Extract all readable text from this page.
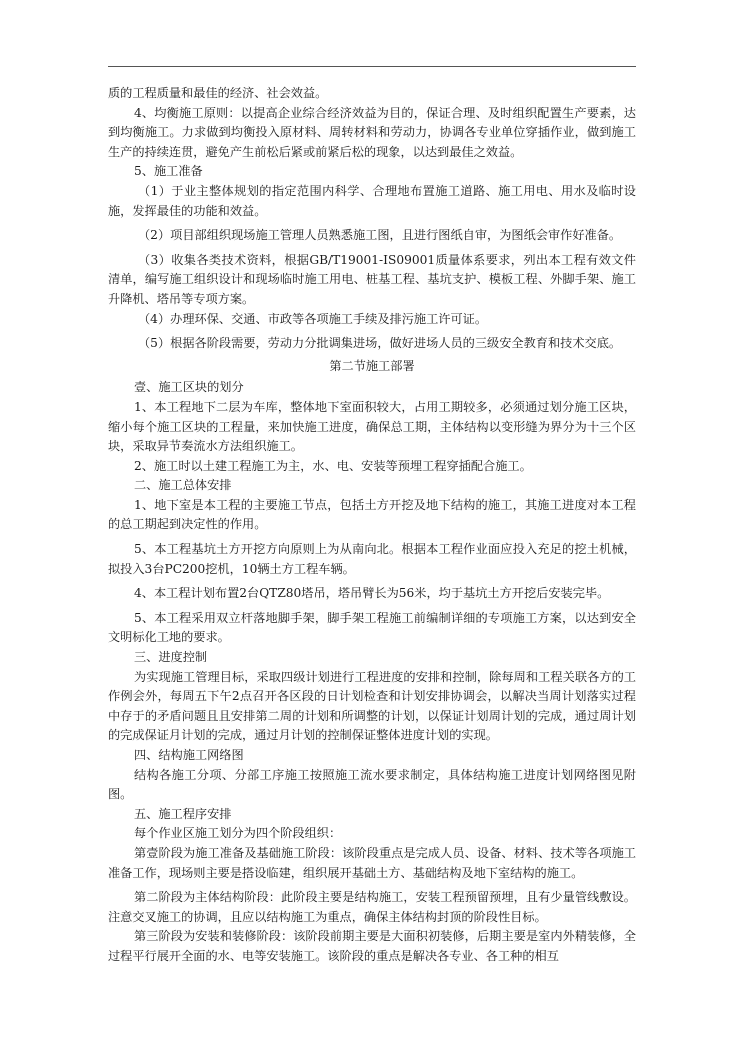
质的工程质量和最佳的经济、社会效益。

4、均衡施工原则：以提高企业综合经济效益为目的，保证合理、及时组织配置生产要素，达到均衡施工。力求做到均衡投入原材料、周转材料和劳动力，协调各专业单位穿插作业，做到施工生产的持续连贯，避免产生前松后紧或前紧后松的现象，以达到最佳之效益。

5、施工准备

（1）于业主整体规划的指定范围内科学、合理地布置施工道路、施工用电、用水及临时设施，发挥最佳的功能和效益。

（2）项目部组织现场施工管理人员熟悉施工图，且进行图纸自审，为图纸会审作好准备。

（3）收集各类技术资料，根据GB/T19001-IS09001质量体系要求，列出本工程有效文件清单，编写施工组织设计和现场临时施工用电、桩基工程、基坑支护、模板工程、外脚手架、施工升降机、塔吊等专项方案。

（4）办理环保、交通、市政等各项施工手续及排污施工许可证。

（5）根据各阶段需要，劳动力分批调集进场，做好进场人员的三级安全教育和技术交底。

第二节施工部署

壹、施工区块的划分

1、本工程地下二层为车库，整体地下室面积较大，占用工期较多，必须通过划分施工区块，缩小每个施工区块的工程量，来加快施工进度，确保总工期，主体结构以变形缝为界分为十三个区块，采取异节奏流水方法组织施工。

2、施工时以土建工程施工为主，水、电、安装等预埋工程穿插配合施工。

二、施工总体安排

1、地下室是本工程的主要施工节点，包括土方开挖及地下结构的施工，其施工进度对本工程的总工期起到决定性的作用。

5、本工程基坑土方开挖方向原则上为从南向北。根据本工程作业面应投入充足的挖土机械，拟投入3台PC200挖机，10辆土方工程车辆。

4、本工程计划布置2台QTZ80塔吊，塔吊臂长为56米，均于基坑土方开挖后安装完毕。

5、本工程采用双立杆落地脚手架，脚手架工程施工前编制详细的专项施工方案，以达到安全文明标化工地的要求。

三、进度控制

为实现施工管理目标，采取四级计划进行工程进度的安排和控制，除每周和工程关联各方的工作例会外，每周五下午2点召开各区段的日计划检查和计划安排协调会，以解决当周计划落实过程中存于的矛盾问题且且安排第二周的计划和所调整的计划，以保证计划周计划的完成，通过周计划的完成保证月计划的完成，通过月计划的控制保证整体进度计划的实现。

四、结构施工网络图

结构各施工分项、分部工序施工按照施工流水要求制定，具体结构施工进度计划网络图见附图。

五、施工程序安排

每个作业区施工划分为四个阶段组织：

第壹阶段为施工准备及基础施工阶段：该阶段重点是完成人员、设备、材料、技术等各项施工准备工作，现场则主要是搭设临建，组织展开基础土方、基础结构及地下室结构的施工。

第二阶段为主体结构阶段：此阶段主要是结构施工，安装工程预留预埋，且有少量管线敷设。注意交叉施工的协调，且应以结构施工为重点，确保主体结构封顶的阶段性目标。

第三阶段为安装和装修阶段：该阶段前期主要是大面积初装修，后期主要是室内外精装修，全过程平行展开全面的水、电等安装施工。该阶段的重点是解决各专业、各工种的相互
